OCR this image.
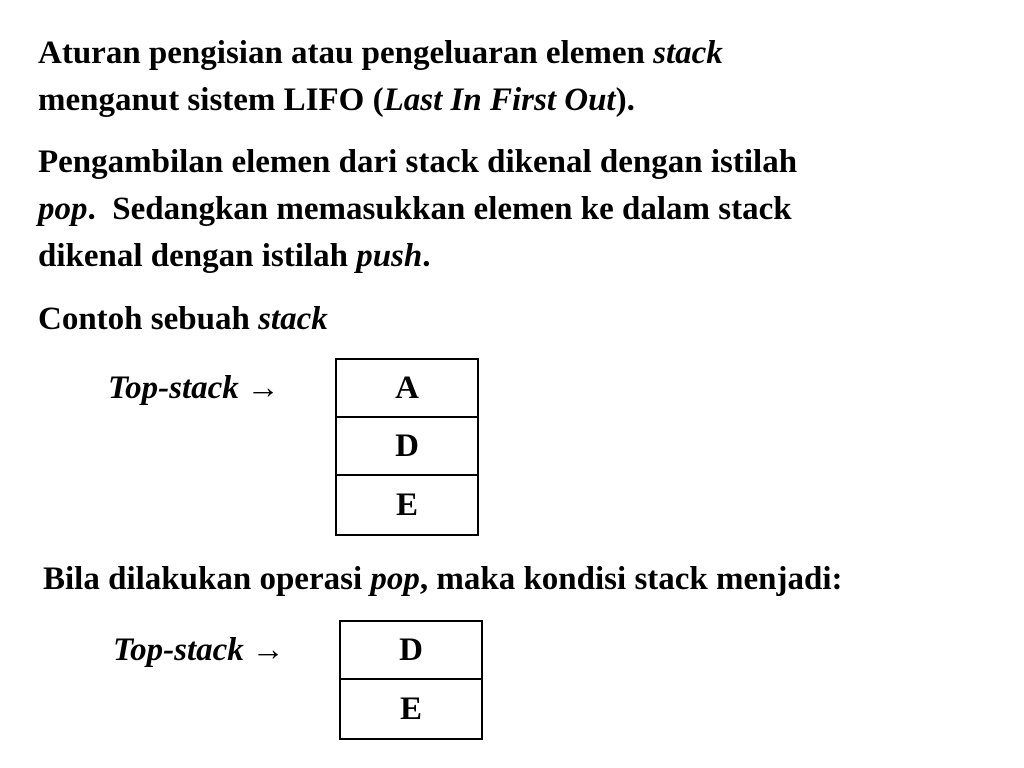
Aturan pengisian atau pengeluaran elemen stack
menganut sistem LIFO (Last In First Out).

Pengambilan elemen dari stack dikenal dengan istilah
pop.  Sedangkan memasukkan elemen ke dalam stack
dikenal dengan istilah push.

Contoh sebuah stack

Top-stack →	A
D
E

Bila dilakukan operasi pop, maka kondisi stack menjadi:

Top-stack →	D
E
